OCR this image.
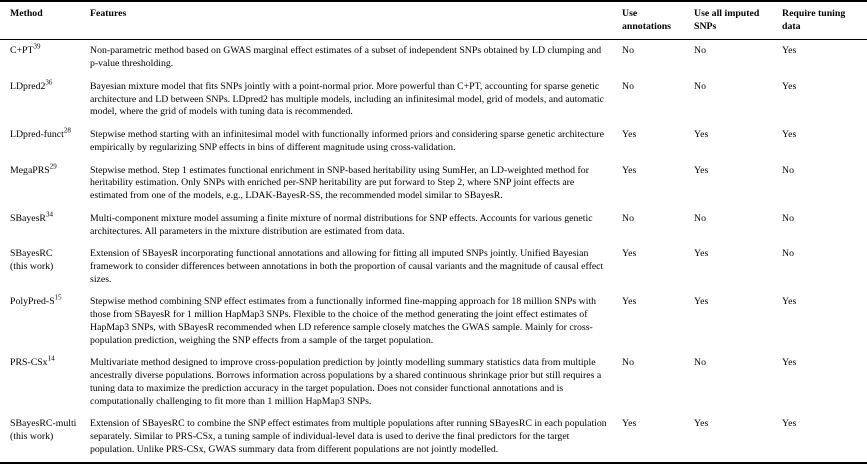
Method	Features	Use annotations	Use all imputed SNPs	Require tuning data
$C+PT^{39}$	Non-parametric method based on GWAS marginal effect estimates of a subset of independent SNPs obtained by LD clumping and p-value thresholding.	No	No	Yes
$LDpred2^{36}$	Bayesian mixture model that fits SNPs jointly with a point-normal prior. More powerful than C+PT, accounting for sparse genetic architecture and LD between SNPs. LDpred2 has multiple models, including an infinitesimal model, grid of models, and automatic model, where the grid of models with tuning data is recommended.	No	No	Yes
LDpred-funct$^{28}$	Stepwise method starting with an infinitesimal model with functionally informed priors and considering sparse genetic architecture empirically by regularizing SNP effects in bins of different magnitude using cross-validation.	Yes	Yes	Yes
MegaPRS$^{29}$	Stepwise method. Step 1 estimates functional enrichment in SNP-based heritability using SumHer, an LD-weighted method for heritability estimation. Only SNPs with enriched per-SNP heritability are put forward to Step 2, where SNP joint effects are estimated from one of the models, e.g., LDAK-BayesR-SS, the recommended model similar to SBayesR.	Yes	Yes	No
SBayesR$^{34}$	Multi-component mixture model assuming a finite mixture of normal distributions for SNP effects. Accounts for various genetic architectures. All parameters in the mixture distribution are estimated from data.	No	No	No
SBayesRC
(this work)	Extension of SBayesR incorporating functional annotations and allowing for fitting all imputed SNPs jointly. Unified Bayesian framework to consider differences between annotations in both the proportion of causal variants and the magnitude of causal effect sizes.	Yes	Yes	No
PolyPred-$S^{15}$	Stepwise method combining SNP effect estimates from a functionally informed fine-mapping approach for 18 million SNPs with those from SBayesR for 1 million HapMap3 SNPs. Flexible to the choice of the method generating the joint effect estimates of HapMap3 SNPs, with SBayesR recommended when LD reference sample closely matches the GWAS sample. Mainly for cross-population prediction, weighing the SNP effects from a sample of the target population.	Yes	Yes	Yes
PRS-CSx$^{14}$	Multivariate method designed to improve cross-population prediction by jointly modelling summary statistics data from multiple ancestrally diverse populations. Borrows information across populations by a shared continuous shrinkage prior but still requires a tuning data to maximize the prediction accuracy in the target population. Does not consider functional annotations and is computationally challenging to fit more than 1 million HapMap3 SNPs.	No	No	Yes
SBayesRC-multi
(this work)	Extension of SBayesRC to combine the SNP effect estimates from multiple populations after running SBayesRC in each population separately. Similar to PRS-CSx, a tuning sample of individual-level data is used to derive the final predictors for the target population. Unlike PRS-CSx, GWAS summary data from different populations are not jointly modelled.	Yes	Yes	Yes
